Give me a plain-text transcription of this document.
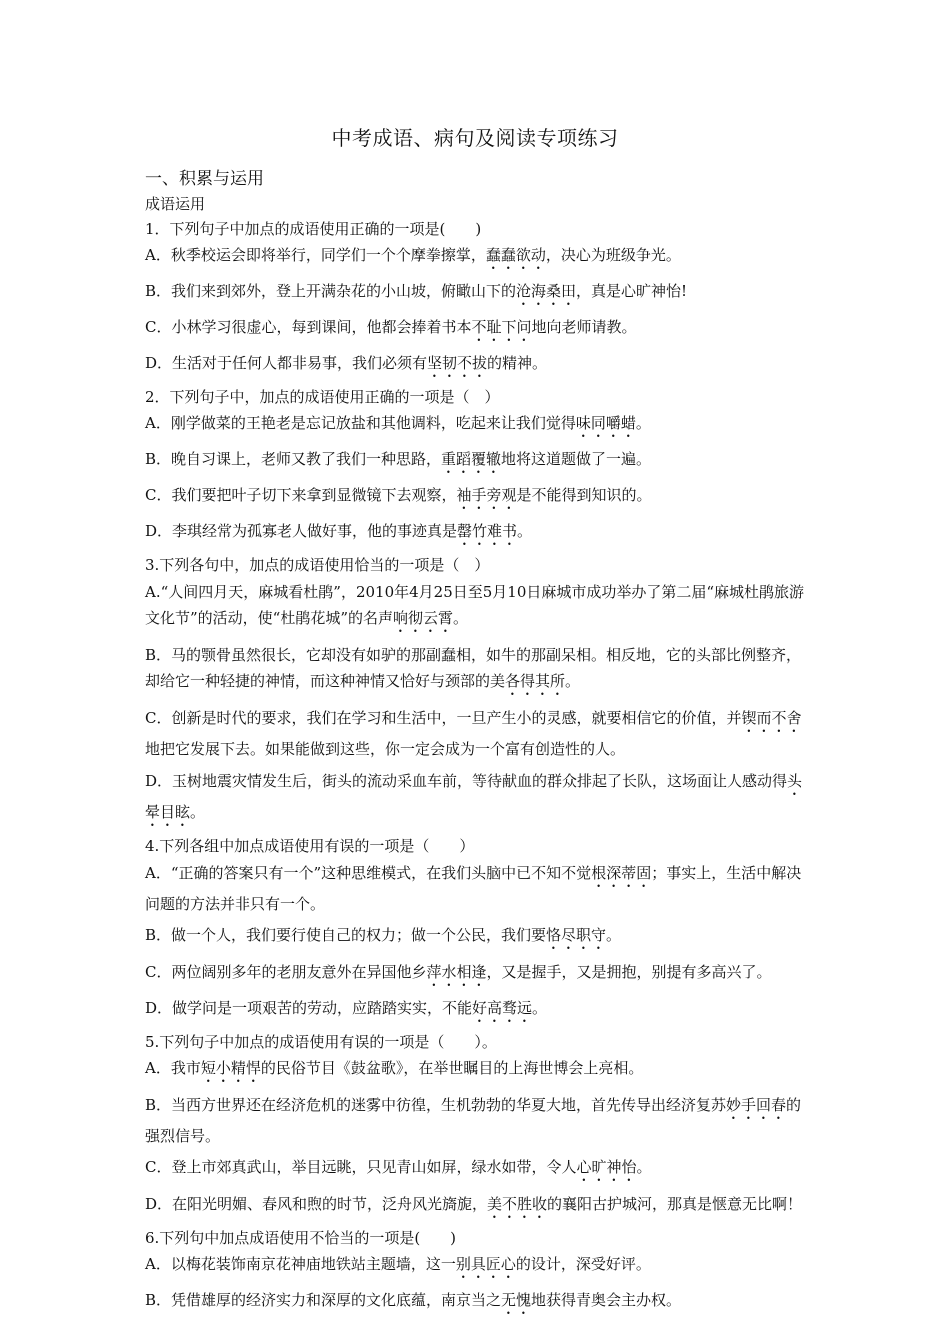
中考成语、病句及阅读专项练习
一、积累与运用
成语运用

1．下列句子中加点的成语使用正确的一项是(　　)

A．秋季校运会即将举行，同学们一个个摩拳擦掌，蠢蠢欲动，决心为班级争光。

B．我们来到郊外，登上开满杂花的小山坡，俯瞰山下的沧海桑田，真是心旷神怡!

C．小林学习很虚心，每到课间，他都会捧着书本不耻下问地向老师请教。

D．生活对于任何人都非易事，我们必须有坚韧不拔的精神。

2．下列句子中，加点的成语使用正确的一项是（　）

A．刚学做菜的王艳老是忘记放盐和其他调料，吃起来让我们觉得味同嚼蜡。

B．晚自习课上，老师又教了我们一种思路，重蹈覆辙地将这道题做了一遍。

C．我们要把叶子切下来拿到显微镜下去观察，袖手旁观是不能得到知识的。

D．李琪经常为孤寡老人做好事，他的事迹真是罄竹难书。

3.下列各句中，加点的成语使用恰当的一项是（　）

A.“人间四月天，麻城看杜鹃”，2010年4月25日至5月10日麻城市成功举办了第二届“麻城杜鹃旅游文化节”的活动，使“杜鹃花城”的名声响彻云霄。

B．马的颚骨虽然很长，它却没有如驴的那副蠢相，如牛的那副呆相。相反地，它的头部比例整齐，却给它一种轻捷的神情，而这种神情又恰好与颈部的美各得其所。

C．创新是时代的要求，我们在学习和生活中，一旦产生小的灵感，就要相信它的价值，并锲而不舍地把它发展下去。如果能做到这些，你一定会成为一个富有创造性的人。

D．玉树地震灾情发生后，街头的流动采血车前，等待献血的群众排起了长队，这场面让人感动得头晕目眩。

4.下列各组中加点成语使用有误的一项是（　　）

A．“正确的答案只有一个”这种思维模式，在我们头脑中已不知不觉根深蒂固；事实上，生活中解决问题的方法并非只有一个。

B．做一个人，我们要行使自己的权力；做一个公民，我们要恪尽职守。

C．两位阔别多年的老朋友意外在异国他乡萍水相逢，又是握手，又是拥抱，别提有多高兴了。

D．做学问是一项艰苦的劳动，应踏踏实实，不能好高骛远。

5.下列句子中加点的成语使用有误的一项是（　　）。

A．我市短小精悍的民俗节目《鼓盆歌》，在举世瞩目的上海世博会上亮相。

B．当西方世界还在经济危机的迷雾中彷徨，生机勃勃的华夏大地，首先传导出经济复苏妙手回春的强烈信号。

C．登上市郊真武山，举目远眺，只见青山如屏，绿水如带，令人心旷神怡。

D．在阳光明媚、春风和煦的时节，泛舟风光旖旎，美不胜收的襄阳古护城河，那真是惬意无比啊！

6.下列句中加点成语使用不恰当的一项是(　　)

A．以梅花装饰南京花神庙地铁站主题墙，这一别具匠心的设计，深受好评。

B．凭借雄厚的经济实力和深厚的文化底蕴，南京当之无愧地获得青奥会主办权。
